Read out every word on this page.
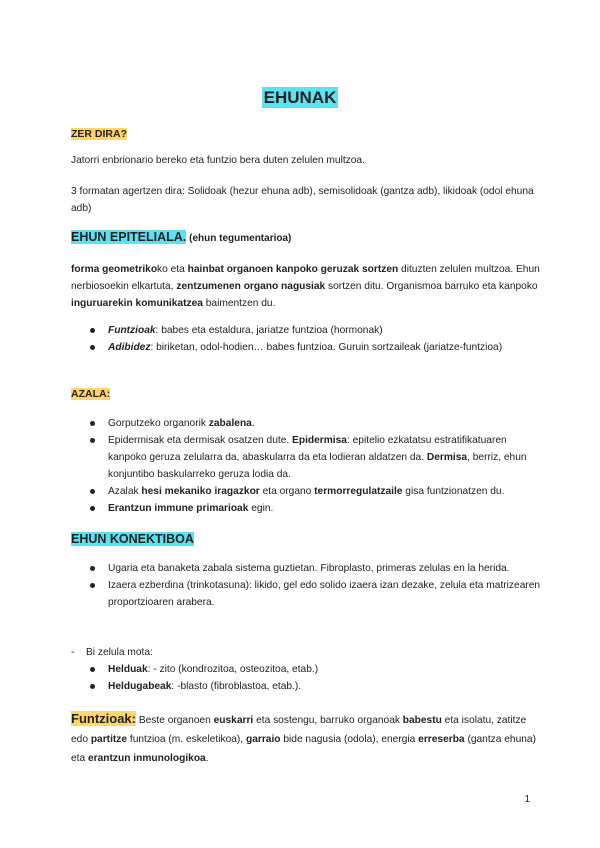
EHUNAK
ZER DIRA?
Jatorri enbrionario bereko eta funtzio bera duten zelulen multzoa.
3 formatan agertzen dira: Solidoak (hezur ehuna adb), semisolidoak (gantza adb), likidoak (odol ehuna adb)
EHUN EPITELIALA. (ehun tegumentarioa)
forma geometrikoko eta hainbat organoen kanpoko geruzak sortzen dituzten zelulen multzoa. Ehun nerbiosoekin elkartuta, zentzumenen organo nagusiak sortzen ditu. Organismoa barruko eta kanpoko inguruarekin komunikatzea baimentzen du.
Funtzioak: babes eta estaldura, jariatze funtzioa (hormonak)
Adibidez: biriketan, odol-hodien… babes funtzioa. Guruin sortzaileak (jariatze-funtzioa)
AZALA:
Gorputzeko organorik zabalena.
Epidermisak eta dermisak osatzen dute. Epidermisa: epitelio ezkatatsu estratifikatuaren kanpoko geruza zelularra da, abaskularra da eta lodieran aldatzen da. Dermisa, berriz, ehun konjuntibo baskularreko geruza lodia da.
Azalak hesi mekaniko iragazkor eta organo termorregulatzaile gisa funtzionatzen du.
Erantzun immune primarioak egin.
EHUN KONEKTIBOA
Ugaria eta banaketa zabala sistema guztietan. Fibroplasto, primeras zelulas en la herida.
Izaera ezberdina (trinkotasuna): likido, gel edo solido izaera izan dezake, zelula eta matrizearen proportzioaren arabera.
- Bi zelula mota:
Helduak: - zito (kondrozitoa, osteozitoa, etab.)
Heldugabeak: -blasto (fibroblastoa, etab.).
Funtzioak: Beste organoen euskarri eta sostengu, barruko organoak babestu eta isolatu, zatitze edo partitze funtzioa (m. eskeletikoa), garraio bide nagusia (odola), energia erreserba (gantza ehuna) eta erantzun inmunologikoa.
1
